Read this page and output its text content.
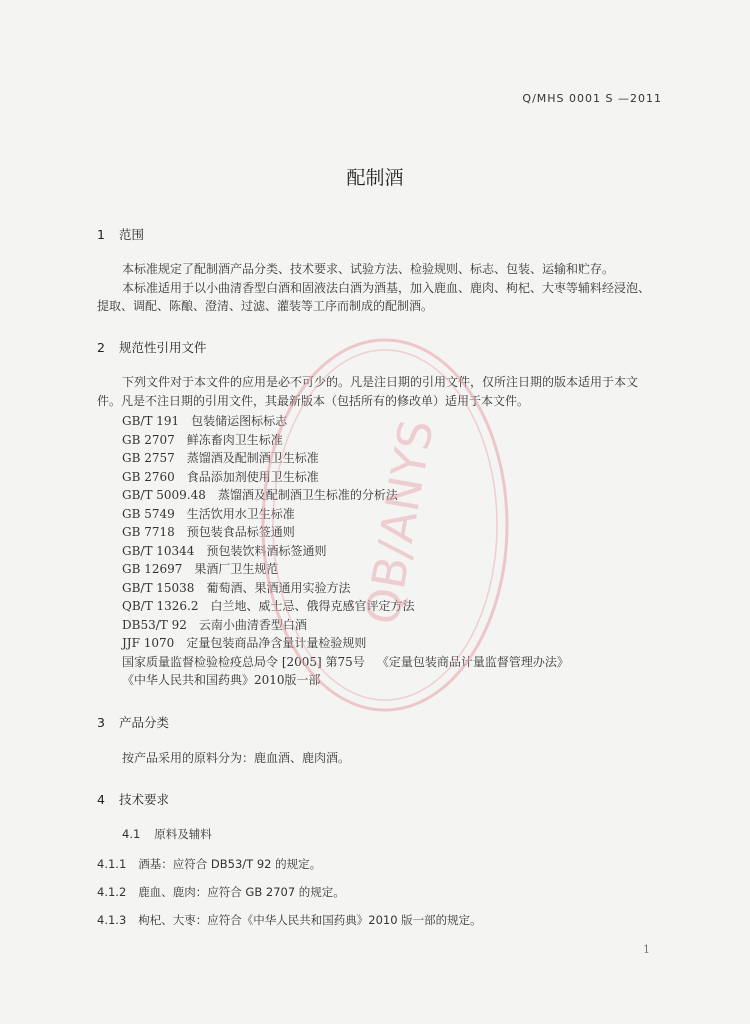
Q/MHS 0001 S —2011
配制酒
1 范围
本标准规定了配制酒产品分类、技术要求、试验方法、检验规则、标志、包装、运输和贮存。
本标准适用于以小曲清香型白酒和固液法白酒为酒基，加入鹿血、鹿肉、枸杞、大枣等辅料经浸泡、
提取、调配、陈酿、澄清、过滤、灌装等工序而制成的配制酒。
2 规范性引用文件
下列文件对于本文件的应用是必不可少的。凡是注日期的引用文件，仅所注日期的版本适用于本文
件。凡是不注日期的引用文件，其最新版本（包括所有的修改单）适用于本文件。
GB/T 191 包装储运图标标志
GB 2707 鲜冻畜肉卫生标准
GB 2757 蒸馏酒及配制酒卫生标准
GB 2760 食品添加剂使用卫生标准
GB/T 5009.48 蒸馏酒及配制酒卫生标准的分析法
GB 5749 生活饮用水卫生标准
GB 7718 预包装食品标签通则
GB/T 10344 预包装饮料酒标签通则
GB 12697 果酒厂卫生规范
GB/T 15038 葡萄酒、果酒通用实验方法
QB/T 1326.2 白兰地、威士忌、俄得克感官评定方法
DB53/T 92 云南小曲清香型白酒
JJF 1070 定量包装商品净含量计量检验规则
国家质量监督检验检疫总局令 [2005] 第75号 《定量包装商品计量监督管理办法》
《中华人民共和国药典》2010版一部
3 产品分类
按产品采用的原料分为：鹿血酒、鹿肉酒。
4 技术要求
4.1 原料及辅料
4.1.1 酒基：应符合 DB53/T 92 的规定。
4.1.2 鹿血、鹿肉：应符合 GB 2707 的规定。
4.1.3 枸杞、大枣：应符合《中华人民共和国药典》2010 版一部的规定。
1
QB/ANYS
